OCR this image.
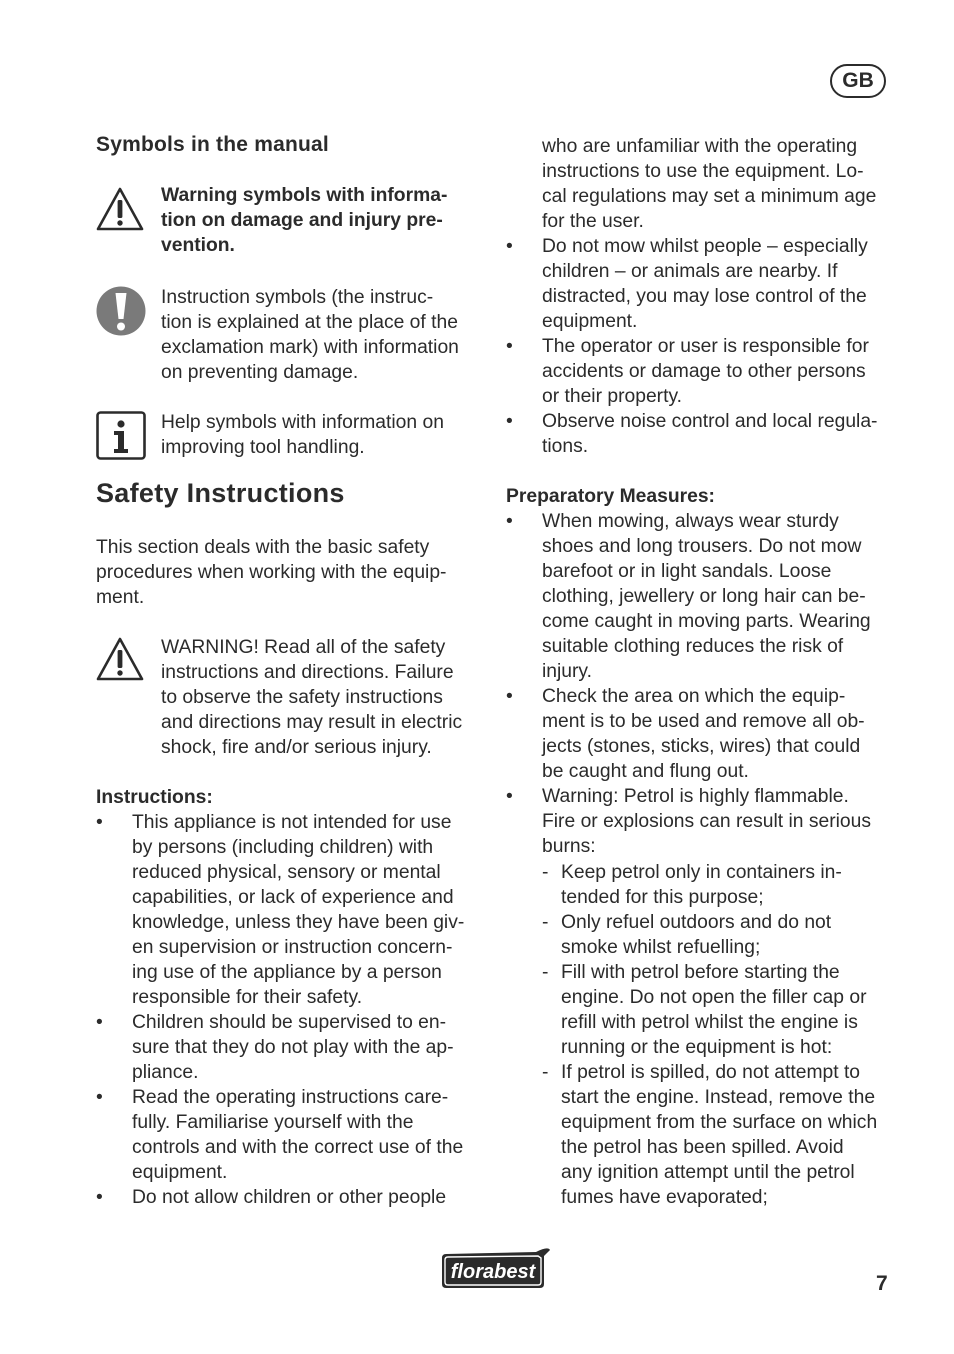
GB
Symbols in the manual

Warning symbols with informa-
tion on damage and injury pre-
vention.

Instruction symbols (the instruc-
tion is explained at the place of the
exclamation mark) with information
on preventing damage.

Help symbols with information on
improving tool handling.

Safety Instructions

This section deals with the basic safety
procedures when working with the equip-
ment.

WARNING! Read all of the safety
instructions and directions. Failure
to observe the safety instructions
and directions may result in electric
shock, fire and/or serious injury.

Instructions:

• This appliance is not intended for use
by persons (including children) with
reduced physical, sensory or mental
capabilities, or lack of experience and
knowledge, unless they have been giv-
en supervision or instruction concern-
ing use of the appliance by a person
responsible for their safety.
• Children should be supervised to en-
sure that they do not play with the ap-
pliance.
• Read the operating instructions care-
fully. Familiarise yourself with the
controls and with the correct use of the
equipment.
• Do not allow children or other people

who are unfamiliar with the operating
instructions to use the equipment. Lo-
cal regulations may set a minimum age
for the user.

• Do not mow whilst people – especially
children – or animals are nearby. If
distracted, you may lose control of the
equipment.
• The operator or user is responsible for
accidents or damage to other persons
or their property.
• Observe noise control and local regula-
tions.

Preparatory Measures:

• When mowing, always wear sturdy
shoes and long trousers. Do not mow
barefoot or in light sandals. Loose
clothing, jewellery or long hair can be-
come caught in moving parts. Wearing
suitable clothing reduces the risk of
injury.
• Check the area on which the equip-
ment is to be used and remove all ob-
jects (stones, sticks, wires) that could
be caught and flung out.
• Warning: Petrol is highly flammable.
Fire or explosions can result in serious
burns:
- Keep petrol only in containers in-
tended for this purpose;
- Only refuel outdoors and do not
smoke whilst refuelling;
- Fill with petrol before starting the
engine. Do not open the filler cap or
refill with petrol whilst the engine is
running or the equipment is hot:
- If petrol is spilled, do not attempt to
start the engine. Instead, remove the
equipment from the surface on which
the petrol has been spilled. Avoid
any ignition attempt until the petrol
fumes have evaporated;
florabest	7
